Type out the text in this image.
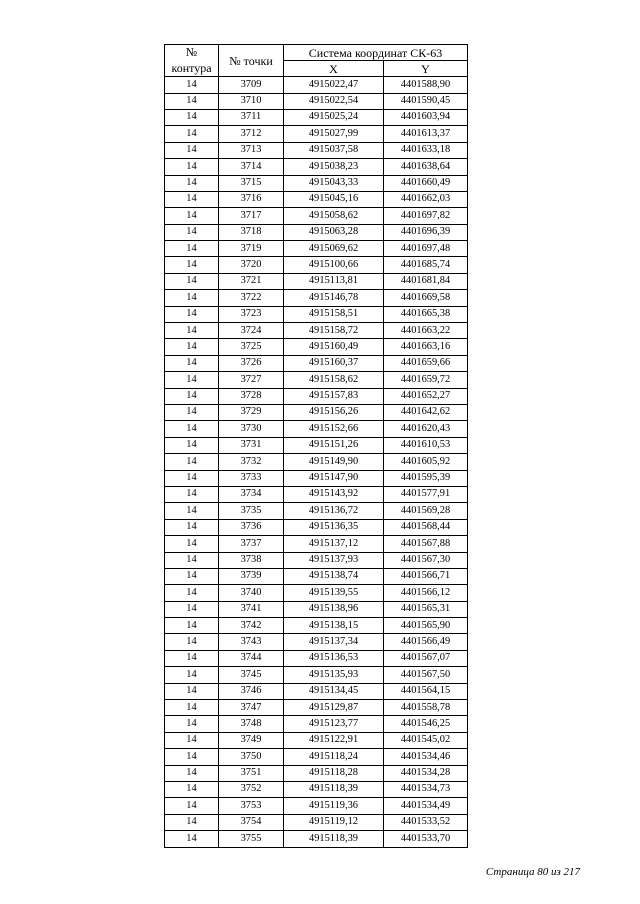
№
контура	№ точки	Система координат СК-63	
		X	Y
14	3709	4915022,47	4401588,90
14	3710	4915022,54	4401590,45
14	3711	4915025,24	4401603,94
14	3712	4915027,99	4401613,37
14	3713	4915037,58	4401633,18
14	3714	4915038,23	4401638,64
14	3715	4915043,33	4401660,49
14	3716	4915045,16	4401662,03
14	3717	4915058,62	4401697,82
14	3718	4915063,28	4401696,39
14	3719	4915069,62	4401697,48
14	3720	4915100,66	4401685,74
14	3721	4915113,81	4401681,84
14	3722	4915146,78	4401669,58
14	3723	4915158,51	4401665,38
14	3724	4915158,72	4401663,22
14	3725	4915160,49	4401663,16
14	3726	4915160,37	4401659,66
14	3727	4915158,62	4401659,72
14	3728	4915157,83	4401652,27
14	3729	4915156,26	4401642,62
14	3730	4915152,66	4401620,43
14	3731	4915151,26	4401610,53
14	3732	4915149,90	4401605,92
14	3733	4915147,90	4401595,39
14	3734	4915143,92	4401577,91
14	3735	4915136,72	4401569,28
14	3736	4915136,35	4401568,44
14	3737	4915137,12	4401567,88
14	3738	4915137,93	4401567,30
14	3739	4915138,74	4401566,71
14	3740	4915139,55	4401566,12
14	3741	4915138,96	4401565,31
14	3742	4915138,15	4401565,90
14	3743	4915137,34	4401566,49
14	3744	4915136,53	4401567,07
14	3745	4915135,93	4401567,50
14	3746	4915134,45	4401564,15
14	3747	4915129,87	4401558,78
14	3748	4915123,77	4401546,25
14	3749	4915122,91	4401545,02
14	3750	4915118,24	4401534,46
14	3751	4915118,28	4401534,28
14	3752	4915118,39	4401534,73
14	3753	4915119,36	4401534,49
14	3754	4915119,12	4401533,52
14	3755	4915118,39	4401533,70
Страница 80 из 217
